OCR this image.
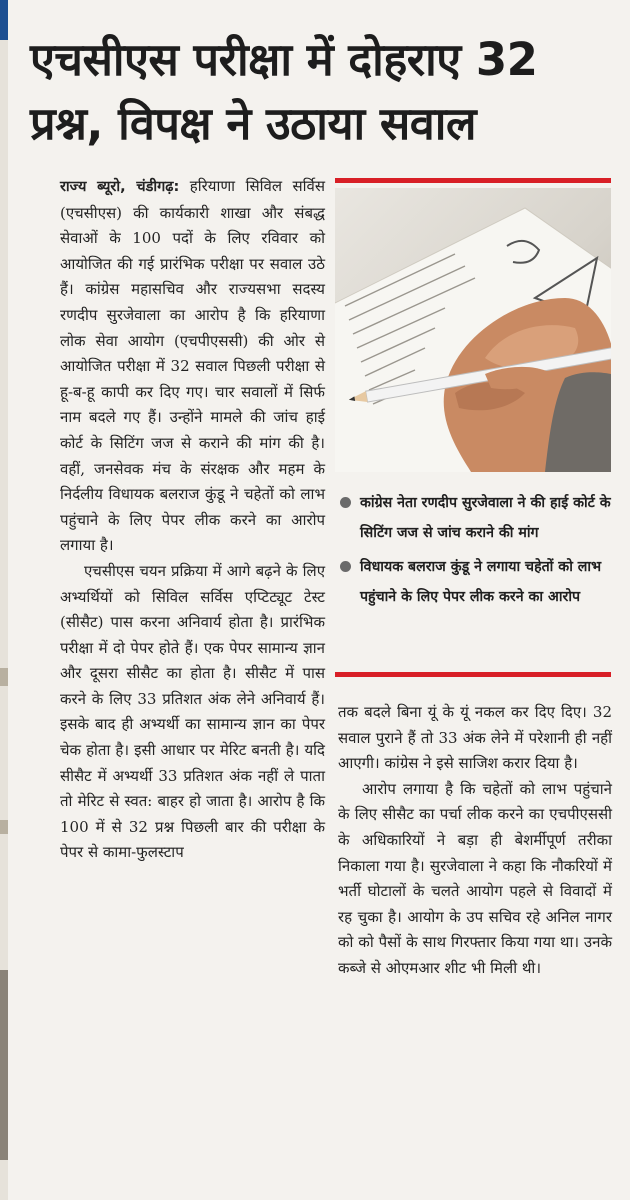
एचसीएस परीक्षा में दोहराए 32 प्रश्न, विपक्ष ने उठाया सवाल

राज्य ब्यूरो, चंडीगढ़: हरियाणा सिविल सर्विस (एचसीएस) की कार्यकारी शाखा और संबद्ध सेवाओं के 100 पदों के लिए रविवार को आयोजित की गई प्रारंभिक परीक्षा पर सवाल उठे हैं। कांग्रेस महासचिव और राज्यसभा सदस्य रणदीप सुरजेवाला का आरोप है कि हरियाणा लोक सेवा आयोग (एचपीएससी) की ओर से आयोजित परीक्षा में 32 सवाल पिछली परीक्षा से हू-ब-हू कापी कर दिए गए। चार सवालों में सिर्फ नाम बदले गए हैं। उन्होंने मामले की जांच हाई कोर्ट के सिटिंग जज से कराने की मांग की है। वहीं, जनसेवक मंच के संरक्षक और महम के निर्दलीय विधायक बलराज कुंडू ने चहेतों को लाभ पहुंचाने के लिए पेपर लीक करने का आरोप लगाया है।

एचसीएस चयन प्रक्रिया में आगे बढ़ने के लिए अभ्यर्थियों को सिविल सर्विस एप्टिट्यूट टेस्ट (सीसैट) पास करना अनिवार्य होता है। प्रारंभिक परीक्षा में दो पेपर होते हैं। एक पेपर सामान्य ज्ञान और दूसरा सीसैट का होता है। सीसैट में पास करने के लिए 33 प्रतिशत अंक लेने अनिवार्य हैं। इसके बाद ही अभ्यर्थी का सामान्य ज्ञान का पेपर चेक होता है। इसी आधार पर मेरिट बनती है। यदि सीसैट में अभ्यर्थी 33 प्रतिशत अंक नहीं ले पाता तो मेरिट से स्वत: बाहर हो जाता है। आरोप है कि 100 में से 32 प्रश्न पिछली बार की परीक्षा के पेपर से कामा-फुलस्टाप

कांग्रेस नेता रणदीप सुरजेवाला ने की हाई कोर्ट के सिटिंग जज से जांच कराने की मांग
विधायक बलराज कुंडू ने लगाया चहेतों को लाभ पहुंचाने के लिए पेपर लीक करने का आरोप

तक बदले बिना यूं के यूं नकल कर दिए दिए। 32 सवाल पुराने हैं तो 33 अंक लेने में परेशानी ही नहीं आएगी। कांग्रेस ने इसे साजिश करार दिया है।

आरोप लगाया है कि चहेतों को लाभ पहुंचाने के लिए सीसैट का पर्चा लीक करने का एचपीएससी के अधिकारियों ने बड़ा ही बेशर्मीपूर्ण तरीका निकाला गया है। सुरजेवाला ने कहा कि नौकरियों में भर्ती घोटालों के चलते आयोग पहले से विवादों में रह चुका है। आयोग के उप सचिव रहे अनिल नागर को को पैसों के साथ गिरफ्तार किया गया था। उनके कब्जे से ओएमआर शीट भी मिली थी।
